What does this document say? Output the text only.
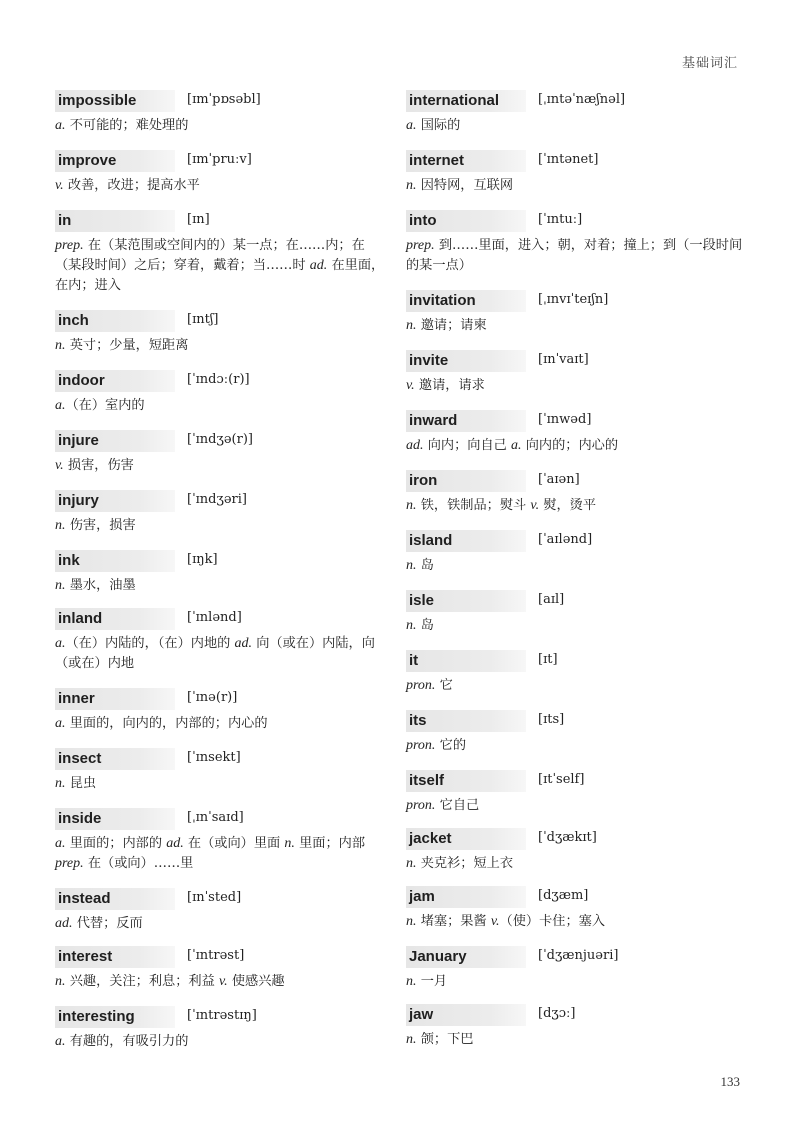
基础词汇
impossible	[ɪmˈpɒsəbl]
a. 不可能的；难处理的
improve	[ɪmˈpruːv]
v. 改善，改进；提高水平
in	[ɪn]
prep. 在（某范围或空间内的）某一点；在……内；在（某段时间）之后；穿着，戴着；当……时 ad. 在里面，在内；进入
inch	[ɪntʃ]
n. 英寸；少量，短距离
indoor	[ˈɪndɔː(r)]
a.（在）室内的
injure	[ˈɪndʒə(r)]
v. 损害，伤害
injury	[ˈɪndʒəri]
n. 伤害，损害
ink	[ɪŋk]
n. 墨水，油墨
inland	[ˈɪnlənd]
a.（在）内陆的，（在）内地的 ad. 向（或在）内陆，向（或在）内地
inner	[ˈɪnə(r)]
a. 里面的，向内的，内部的；内心的
insect	[ˈɪnsekt]
n. 昆虫
inside	[ˌɪnˈsaɪd]
a. 里面的；内部的 ad. 在（或向）里面 n. 里面；内部 prep. 在（或向）……里
instead	[ɪnˈsted]
ad. 代替；反而
interest	[ˈɪntrəst]
n. 兴趣，关注；利息；利益 v. 使感兴趣
interesting	[ˈɪntrəstɪŋ]
a. 有趣的，有吸引力的
international	[ˌɪntəˈnæʃnəl]
a. 国际的
internet	[ˈɪntənet]
n. 因特网，互联网
into	[ˈɪntuː]
prep. 到……里面，进入；朝，对着；撞上；到（一段时间的某一点）
invitation	[ˌɪnvɪˈteɪʃn]
n. 邀请；请柬
invite	[ɪnˈvaɪt]
v. 邀请，请求
inward	[ˈɪnwəd]
ad. 向内；向自己 a. 向内的；内心的
iron	[ˈaɪən]
n. 铁，铁制品；熨斗 v. 熨，烫平
island	[ˈaɪlənd]
n. 岛
isle	[aɪl]
n. 岛
it	[ɪt]
pron. 它
its	[ɪts]
pron. 它的
itself	[ɪtˈself]
pron. 它自己
jacket	[ˈdʒækɪt]
n. 夹克衫；短上衣
jam	[dʒæm]
n. 堵塞；果酱 v.（使）卡住；塞入
January	[ˈdʒænjuəri]
n. 一月
jaw	[dʒɔː]
n. 颌；下巴
133
